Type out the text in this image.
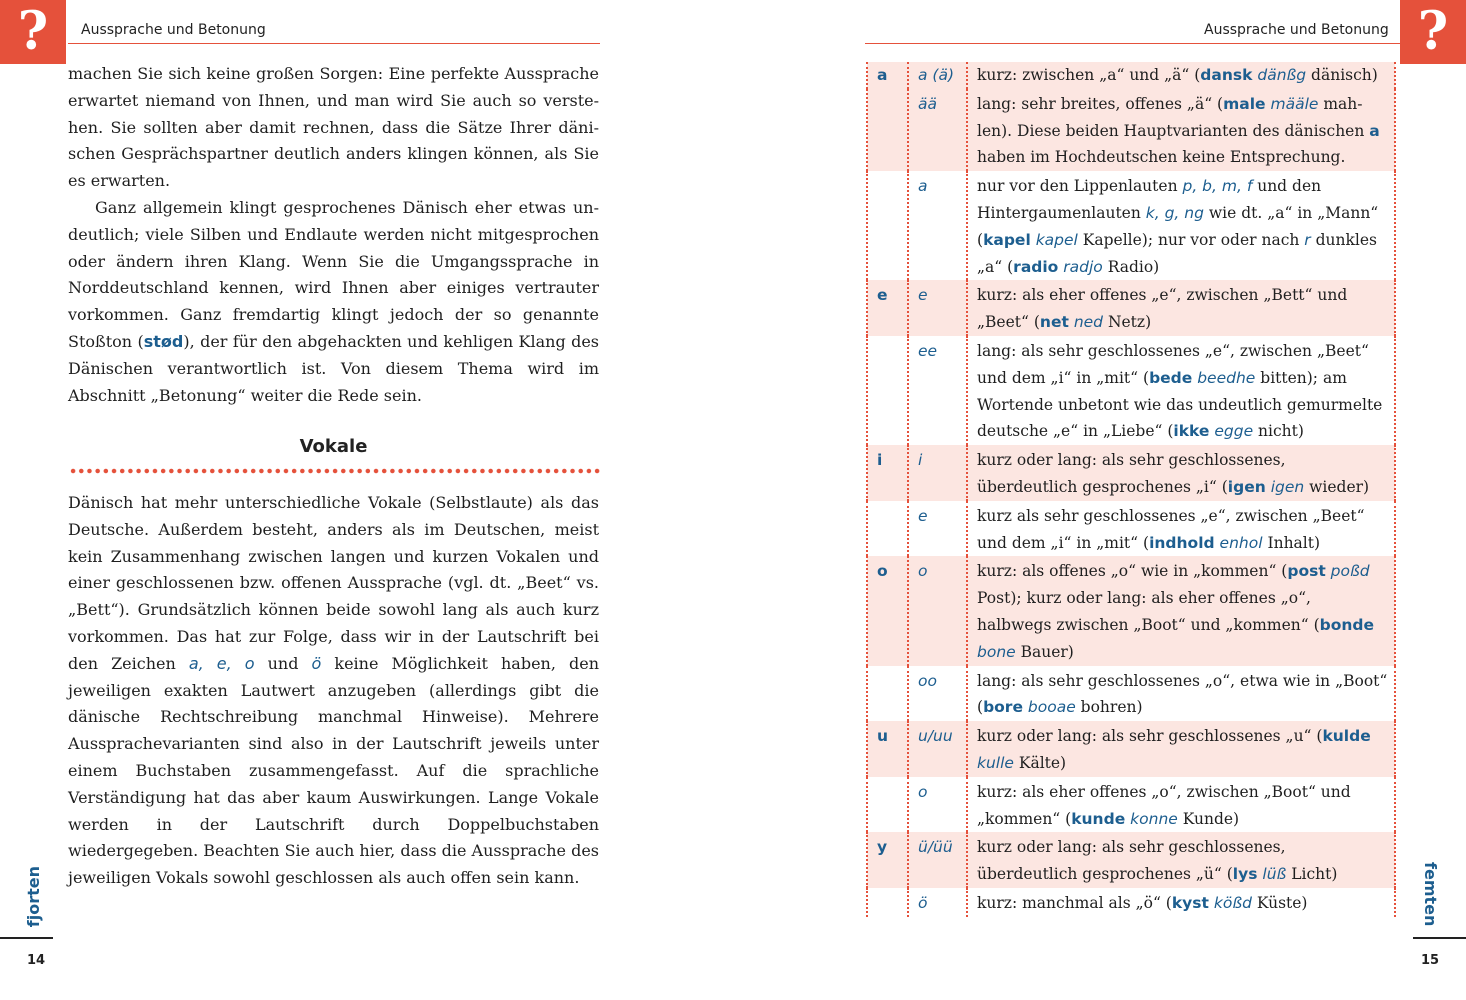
?	Aussprache und Betonung	?
Aussprache und Betonung

machen Sie sich keine großen Sorgen: Eine perfekte Aussprache erwartet niemand von Ihnen, und man wird Sie auch so verstehen. Sie sollten aber damit rechnen, dass die Sätze Ihrer dänischen Gesprächspartner deutlich anders klingen können, als Sie es erwarten.

Ganz allgemein klingt gesprochenes Dänisch eher etwas undeutlich; viele Silben und Endlaute werden nicht mitgesprochen oder ändern ihren Klang. Wenn Sie die Umgangssprache in Norddeutschland kennen, wird Ihnen aber einiges vertrauter vorkommen. Ganz fremdartig klingt jedoch der so genannte Stoßton (stød), der für den abgehackten und kehligen Klang des Dänischen verantwortlich ist. Von diesem Thema wird im Abschnitt „Betonung“ weiter die Rede sein.

Vokale

Dänisch hat mehr unterschiedliche Vokale (Selbstlaute) als das Deutsche. Außerdem besteht, anders als im Deutschen, meist kein Zusammenhang zwischen langen und kurzen Vokalen und einer geschlossenen bzw. offenen Aussprache (vgl. dt. „Beet“ vs. „Bett“). Grundsätzlich können beide sowohl lang als auch kurz vorkommen. Das hat zur Folge, dass wir in der Lautschrift bei den Zeichen a, e, o und ö keine Möglichkeit haben, den jeweiligen exakten Lautwert anzugeben (allerdings gibt die dänische Rechtschreibung manchmal Hinweise). Mehrere Aussprachevarianten sind also in der Lautschrift jeweils unter einem Buchstaben zusammengefasst. Auf die sprachliche Verständigung hat das aber kaum Auswirkungen. Lange Vokale werden in der Lautschrift durch Doppelbuchstaben wiedergegeben. Beachten Sie auch hier, dass die Aussprache des jeweiligen Vokals sowohl geschlossen als auch offen sein kann.

a	a (ä)	kurz: zwischen „a“ und „ä“ (dansk dänßg dänisch)
	ää	lang: sehr breites, offenes „ä“ (male määle mahlen). Diese beiden Hauptvarianten des dänischen a haben im Hochdeutschen keine Entsprechung.
	a	nur vor den Lippenlauten p, b, m, f und den Hintergaumenlauten k, g, ng wie dt. „a“ in „Mann“ (kapel kapel Kapelle); nur vor oder nach r dunkles „a“ (radio radjo Radio)
e	e	kurz: als eher offenes „e“, zwischen „Bett“ und „Beet“ (net ned Netz)
	ee	lang: als sehr geschlossenes „e“, zwischen „Beet“ und dem „i“ in „mit“ (bede beedhe bitten); am Wortende unbetont wie das undeutlich gemurmelte deutsche „e“ in „Liebe“ (ikke egge nicht)
i	i	kurz oder lang: als sehr geschlossenes, überdeutlich gesprochenes „i“ (igen igen wieder)
	e	kurz als sehr geschlossenes „e“, zwischen „Beet“ und dem „i“ in „mit“ (indhold enhol Inhalt)
o	o	kurz: als offenes „o“ wie in „kommen“ (post poßd Post); kurz oder lang: als eher offenes „o“, halbwegs zwischen „Boot“ und „kommen“ (bonde bone Bauer)
	oo	lang: als sehr geschlossenes „o“, etwa wie in „Boot“ (bore booae bohren)
u	u/uu	kurz oder lang: als sehr geschlossenes „u“ (kulde kulle Kälte)
	o	kurz: als eher offenes „o“, zwischen „Boot“ und „kommen“ (kunde konne Kunde)
y	ü/üü	kurz oder lang: als sehr geschlossenes, überdeutlich gesprochenes „ü“ (lys lüß Licht)
	ö	kurz: manchmal als „ö“ (kyst kößd Küste)
fjorten
14
femten
15
